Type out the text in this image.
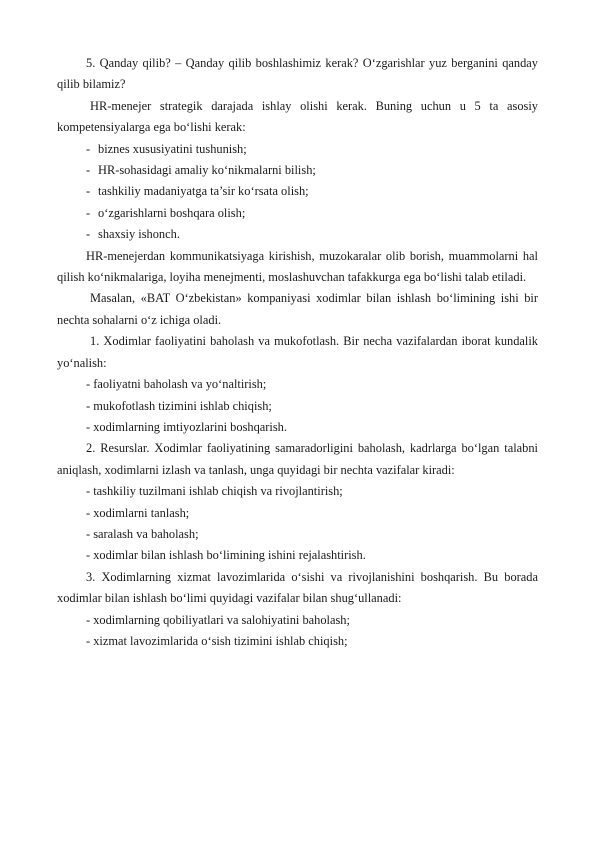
5. Qanday qilib? – Qanday qilib boshlashimiz kerak? O‘zgarishlar yuz berganini qanday qilib bilamiz?

HR-menejer strategik darajada ishlay olishi kerak. Buning uchun u 5 ta asosiy kompetensiyalarga ega bo‘lishi kerak:

- biznes xususiyatini tushunish;
- HR-sohasidagi amaliy ko‘nikmalarni bilish;
- tashkiliy madaniyatga ta’sir ko‘rsata olish;
- o‘zgarishlarni boshqara olish;
- shaxsiy ishonch.

HR-menejerdan kommunikatsiyaga kirishish, muzokaralar olib borish, muammolarni hal qilish ko‘nikmalariga, loyiha menejmenti, moslashuvchan tafakkurga ega bo‘lishi talab etiladi.

Masalan, «BAT O‘zbekistan» kompaniyasi xodimlar bilan ishlash bo‘limining ishi bir nechta sohalarni o‘z ichiga oladi.

1. Xodimlar faoliyatini baholash va mukofotlash. Bir necha vazifalardan iborat kundalik yo‘nalish:

- faoliyatni baholash va yo‘naltirish;

- mukofotlash tizimini ishlab chiqish;

- xodimlarning imtiyozlarini boshqarish.

2. Resurslar. Xodimlar faoliyatining samaradorligini baholash, kadrlarga bo‘lgan talabni aniqlash, xodimlarni izlash va tanlash, unga quyidagi bir nechta vazifalar kiradi:

- tashkiliy tuzilmani ishlab chiqish va rivojlantirish;

- xodimlarni tanlash;

- saralash va baholash;

- xodimlar bilan ishlash bo‘limining ishini rejalashtirish.

3. Xodimlarning xizmat lavozimlarida o‘sishi va rivojlanishini boshqarish. Bu borada xodimlar bilan ishlash bo‘limi quyidagi vazifalar bilan shug‘ullanadi:

- xodimlarning qobiliyatlari va salohiyatini baholash;

- xizmat lavozimlarida o‘sish tizimini ishlab chiqish;
